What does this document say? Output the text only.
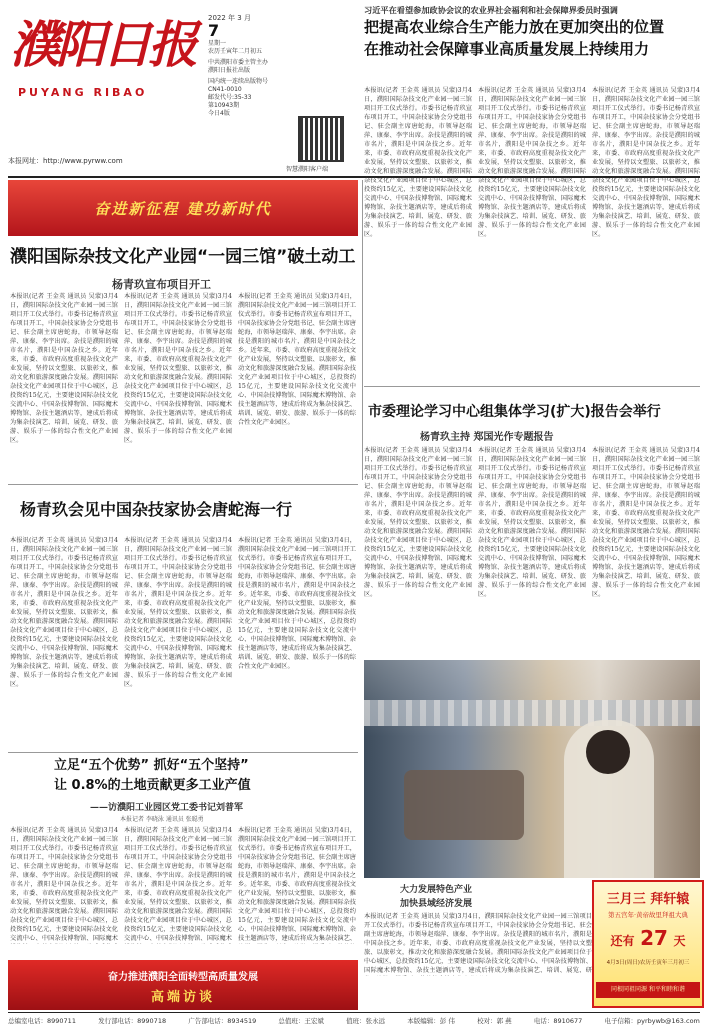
濮阳日报
PUYANG RIBAO
2022 年 3 月
7
星期一
农历壬寅年二月初五
中共濮阳市委主管主办
濮阳日报社出版
国内统一连续出版物号
CN41-0010
邮发代号:35-33
第10943期
今日4版
智慧濮阳客户端
本报网址：http://www.pyrww.com
习近平在看望参加政协会议的农业界社会福利和社会保障界委员时强调
把提高农业综合生产能力放在更加突出的位置
在推动社会保障事业高质量发展上持续用力
本报讯(记者 王金英 通讯员 吴蒙)3月4日，濮阳国际杂技文化产业园一园三馆项目开工仪式举行。市委书记杨青玖宣布项目开工，中国杂技家协会分党组书记、驻会副主席唐蛇海，市领导赵瑞萍、康秦、李宇出席。杂技是濮阳的城市名片，濮阳是中国杂技之乡。近年来，市委、市政府高度重视杂技文化产业发展，坚持以文塑旅、以旅彰文，推动文化和旅游深度融合发展。濮阳国际杂技文化产业园项目位于中心城区，总投资约15亿元，主要建设国际杂技文化交流中心、中国杂技博物馆、国际魔术博物馆、杂技主题酒店等，建成后将成为集杂技演艺、培训、展览、研发、旅游、娱乐于一体的综合性文化产业园区。
本报讯(记者 王金英 通讯员 吴蒙)3月4日，濮阳国际杂技文化产业园一园三馆项目开工仪式举行。市委书记杨青玖宣布项目开工，中国杂技家协会分党组书记、驻会副主席唐蛇海，市领导赵瑞萍、康秦、李宇出席。杂技是濮阳的城市名片，濮阳是中国杂技之乡。近年来，市委、市政府高度重视杂技文化产业发展，坚持以文塑旅、以旅彰文，推动文化和旅游深度融合发展。濮阳国际杂技文化产业园项目位于中心城区，总投资约15亿元，主要建设国际杂技文化交流中心、中国杂技博物馆、国际魔术博物馆、杂技主题酒店等，建成后将成为集杂技演艺、培训、展览、研发、旅游、娱乐于一体的综合性文化产业园区。
本报讯(记者 王金英 通讯员 吴蒙)3月4日，濮阳国际杂技文化产业园一园三馆项目开工仪式举行。市委书记杨青玖宣布项目开工，中国杂技家协会分党组书记、驻会副主席唐蛇海，市领导赵瑞萍、康秦、李宇出席。杂技是濮阳的城市名片，濮阳是中国杂技之乡。近年来，市委、市政府高度重视杂技文化产业发展，坚持以文塑旅、以旅彰文，推动文化和旅游深度融合发展。濮阳国际杂技文化产业园项目位于中心城区，总投资约15亿元，主要建设国际杂技文化交流中心、中国杂技博物馆、国际魔术博物馆、杂技主题酒店等，建成后将成为集杂技演艺、培训、展览、研发、旅游、娱乐于一体的综合性文化产业园区。
奋进新征程 建功新时代
濮阳国际杂技文化产业园“一园三馆”破土动工
杨青玖宣布项目开工
本报讯(记者 王金英 通讯员 吴蒙)3月4日，濮阳国际杂技文化产业园一园三馆项目开工仪式举行。市委书记杨青玖宣布项目开工，中国杂技家协会分党组书记、驻会副主席唐蛇海，市领导赵瑞萍、康秦、李宇出席。杂技是濮阳的城市名片，濮阳是中国杂技之乡。近年来，市委、市政府高度重视杂技文化产业发展，坚持以文塑旅、以旅彰文，推动文化和旅游深度融合发展。濮阳国际杂技文化产业园项目位于中心城区，总投资约15亿元，主要建设国际杂技文化交流中心、中国杂技博物馆、国际魔术博物馆、杂技主题酒店等，建成后将成为集杂技演艺、培训、展览、研发、旅游、娱乐于一体的综合性文化产业园区。
本报讯(记者 王金英 通讯员 吴蒙)3月4日，濮阳国际杂技文化产业园一园三馆项目开工仪式举行。市委书记杨青玖宣布项目开工，中国杂技家协会分党组书记、驻会副主席唐蛇海，市领导赵瑞萍、康秦、李宇出席。杂技是濮阳的城市名片，濮阳是中国杂技之乡。近年来，市委、市政府高度重视杂技文化产业发展，坚持以文塑旅、以旅彰文，推动文化和旅游深度融合发展。濮阳国际杂技文化产业园项目位于中心城区，总投资约15亿元，主要建设国际杂技文化交流中心、中国杂技博物馆、国际魔术博物馆、杂技主题酒店等，建成后将成为集杂技演艺、培训、展览、研发、旅游、娱乐于一体的综合性文化产业园区。
本报讯(记者 王金英 通讯员 吴蒙)3月4日，濮阳国际杂技文化产业园一园三馆项目开工仪式举行。市委书记杨青玖宣布项目开工，中国杂技家协会分党组书记、驻会副主席唐蛇海，市领导赵瑞萍、康秦、李宇出席。杂技是濮阳的城市名片，濮阳是中国杂技之乡。近年来，市委、市政府高度重视杂技文化产业发展，坚持以文塑旅、以旅彰文，推动文化和旅游深度融合发展。濮阳国际杂技文化产业园项目位于中心城区，总投资约15亿元，主要建设国际杂技文化交流中心、中国杂技博物馆、国际魔术博物馆、杂技主题酒店等，建成后将成为集杂技演艺、培训、展览、研发、旅游、娱乐于一体的综合性文化产业园区。
市委理论学习中心组集体学习(扩大)报告会举行
杨青玖主持 郑国光作专题报告
本报讯(记者 王金英 通讯员 吴蒙)3月4日，濮阳国际杂技文化产业园一园三馆项目开工仪式举行。市委书记杨青玖宣布项目开工，中国杂技家协会分党组书记、驻会副主席唐蛇海，市领导赵瑞萍、康秦、李宇出席。杂技是濮阳的城市名片，濮阳是中国杂技之乡。近年来，市委、市政府高度重视杂技文化产业发展，坚持以文塑旅、以旅彰文，推动文化和旅游深度融合发展。濮阳国际杂技文化产业园项目位于中心城区，总投资约15亿元，主要建设国际杂技文化交流中心、中国杂技博物馆、国际魔术博物馆、杂技主题酒店等，建成后将成为集杂技演艺、培训、展览、研发、旅游、娱乐于一体的综合性文化产业园区。
本报讯(记者 王金英 通讯员 吴蒙)3月4日，濮阳国际杂技文化产业园一园三馆项目开工仪式举行。市委书记杨青玖宣布项目开工，中国杂技家协会分党组书记、驻会副主席唐蛇海，市领导赵瑞萍、康秦、李宇出席。杂技是濮阳的城市名片，濮阳是中国杂技之乡。近年来，市委、市政府高度重视杂技文化产业发展，坚持以文塑旅、以旅彰文，推动文化和旅游深度融合发展。濮阳国际杂技文化产业园项目位于中心城区，总投资约15亿元，主要建设国际杂技文化交流中心、中国杂技博物馆、国际魔术博物馆、杂技主题酒店等，建成后将成为集杂技演艺、培训、展览、研发、旅游、娱乐于一体的综合性文化产业园区。
本报讯(记者 王金英 通讯员 吴蒙)3月4日，濮阳国际杂技文化产业园一园三馆项目开工仪式举行。市委书记杨青玖宣布项目开工，中国杂技家协会分党组书记、驻会副主席唐蛇海，市领导赵瑞萍、康秦、李宇出席。杂技是濮阳的城市名片，濮阳是中国杂技之乡。近年来，市委、市政府高度重视杂技文化产业发展，坚持以文塑旅、以旅彰文，推动文化和旅游深度融合发展。濮阳国际杂技文化产业园项目位于中心城区，总投资约15亿元，主要建设国际杂技文化交流中心、中国杂技博物馆、国际魔术博物馆、杂技主题酒店等，建成后将成为集杂技演艺、培训、展览、研发、旅游、娱乐于一体的综合性文化产业园区。
杨青玖会见中国杂技家协会唐蛇海一行
本报讯(记者 王金英 通讯员 吴蒙)3月4日，濮阳国际杂技文化产业园一园三馆项目开工仪式举行。市委书记杨青玖宣布项目开工，中国杂技家协会分党组书记、驻会副主席唐蛇海，市领导赵瑞萍、康秦、李宇出席。杂技是濮阳的城市名片，濮阳是中国杂技之乡。近年来，市委、市政府高度重视杂技文化产业发展，坚持以文塑旅、以旅彰文，推动文化和旅游深度融合发展。濮阳国际杂技文化产业园项目位于中心城区，总投资约15亿元，主要建设国际杂技文化交流中心、中国杂技博物馆、国际魔术博物馆、杂技主题酒店等，建成后将成为集杂技演艺、培训、展览、研发、旅游、娱乐于一体的综合性文化产业园区。
本报讯(记者 王金英 通讯员 吴蒙)3月4日，濮阳国际杂技文化产业园一园三馆项目开工仪式举行。市委书记杨青玖宣布项目开工，中国杂技家协会分党组书记、驻会副主席唐蛇海，市领导赵瑞萍、康秦、李宇出席。杂技是濮阳的城市名片，濮阳是中国杂技之乡。近年来，市委、市政府高度重视杂技文化产业发展，坚持以文塑旅、以旅彰文，推动文化和旅游深度融合发展。濮阳国际杂技文化产业园项目位于中心城区，总投资约15亿元，主要建设国际杂技文化交流中心、中国杂技博物馆、国际魔术博物馆、杂技主题酒店等，建成后将成为集杂技演艺、培训、展览、研发、旅游、娱乐于一体的综合性文化产业园区。
本报讯(记者 王金英 通讯员 吴蒙)3月4日，濮阳国际杂技文化产业园一园三馆项目开工仪式举行。市委书记杨青玖宣布项目开工，中国杂技家协会分党组书记、驻会副主席唐蛇海，市领导赵瑞萍、康秦、李宇出席。杂技是濮阳的城市名片，濮阳是中国杂技之乡。近年来，市委、市政府高度重视杂技文化产业发展，坚持以文塑旅、以旅彰文，推动文化和旅游深度融合发展。濮阳国际杂技文化产业园项目位于中心城区，总投资约15亿元，主要建设国际杂技文化交流中心、中国杂技博物馆、国际魔术博物馆、杂技主题酒店等，建成后将成为集杂技演艺、培训、展览、研发、旅游、娱乐于一体的综合性文化产业园区。
立足“五个优势” 抓好“五个坚持”
让 0.8%的土地贡献更多工业产值
——访濮阳工业园区党工委书记刘普军
本报记者 李晓泳 通讯员 张聪勇
本报讯(记者 王金英 通讯员 吴蒙)3月4日，濮阳国际杂技文化产业园一园三馆项目开工仪式举行。市委书记杨青玖宣布项目开工，中国杂技家协会分党组书记、驻会副主席唐蛇海，市领导赵瑞萍、康秦、李宇出席。杂技是濮阳的城市名片，濮阳是中国杂技之乡。近年来，市委、市政府高度重视杂技文化产业发展，坚持以文塑旅、以旅彰文，推动文化和旅游深度融合发展。濮阳国际杂技文化产业园项目位于中心城区，总投资约15亿元，主要建设国际杂技文化交流中心、中国杂技博物馆、国际魔术
本报讯(记者 王金英 通讯员 吴蒙)3月4日，濮阳国际杂技文化产业园一园三馆项目开工仪式举行。市委书记杨青玖宣布项目开工，中国杂技家协会分党组书记、驻会副主席唐蛇海，市领导赵瑞萍、康秦、李宇出席。杂技是濮阳的城市名片，濮阳是中国杂技之乡。近年来，市委、市政府高度重视杂技文化产业发展，坚持以文塑旅、以旅彰文，推动文化和旅游深度融合发展。濮阳国际杂技文化产业园项目位于中心城区，总投资约15亿元，主要建设国际杂技文化交流中心、中国杂技博物馆、国际魔术
本报讯(记者 王金英 通讯员 吴蒙)3月4日，濮阳国际杂技文化产业园一园三馆项目开工仪式举行。市委书记杨青玖宣布项目开工，中国杂技家协会分党组书记、驻会副主席唐蛇海，市领导赵瑞萍、康秦、李宇出席。杂技是濮阳的城市名片，濮阳是中国杂技之乡。近年来，市委、市政府高度重视杂技文化产业发展，坚持以文塑旅、以旅彰文，推动文化和旅游深度融合发展。濮阳国际杂技文化产业园项目位于中心城区，总投资约15亿元，主要建设国际杂技文化交流中心、中国杂技博物馆、国际魔术博物馆、杂技主题酒店等，建成后将成为集杂技演艺、
奋力推进濮阳全面转型高质量发展
高端访谈
大力发展特色产业
加快县域经济发展
本报讯(记者 王金英 通讯员 吴蒙)3月4日，濮阳国际杂技文化产业园一园三馆项目开工仪式举行。市委书记杨青玖宣布项目开工，中国杂技家协会分党组书记、驻会副主席唐蛇海，市领导赵瑞萍、康秦、李宇出席。杂技是濮阳的城市名片，濮阳是中国杂技之乡。近年来，市委、市政府高度重视杂技文化产业发展，坚持以文塑旅、以旅彰文，推动文化和旅游深度融合发展。濮阳国际杂技文化产业园项目位于中心城区，总投资约15亿元，主要建设国际杂技文化交流中心、中国杂技博物馆、国际魔术博物馆、杂技主题酒店等，建成后将成为集杂技演艺、培训、展览、研
三月三 拜轩辕
第五宫年·黄帝故里拜祖大典
还有 27 天
4月3日(周日)农历壬寅年三月初三
同根同祖同源 和平和睦和谐
总编室电话：8990711	发行部电话：8990718	广告部电话：8934519	总值班：王宏斌	值班：张永远	本版编辑：彭 伟	校对：郭 燕	电话：8910677	电子信箱：pyrbywb@163.com
